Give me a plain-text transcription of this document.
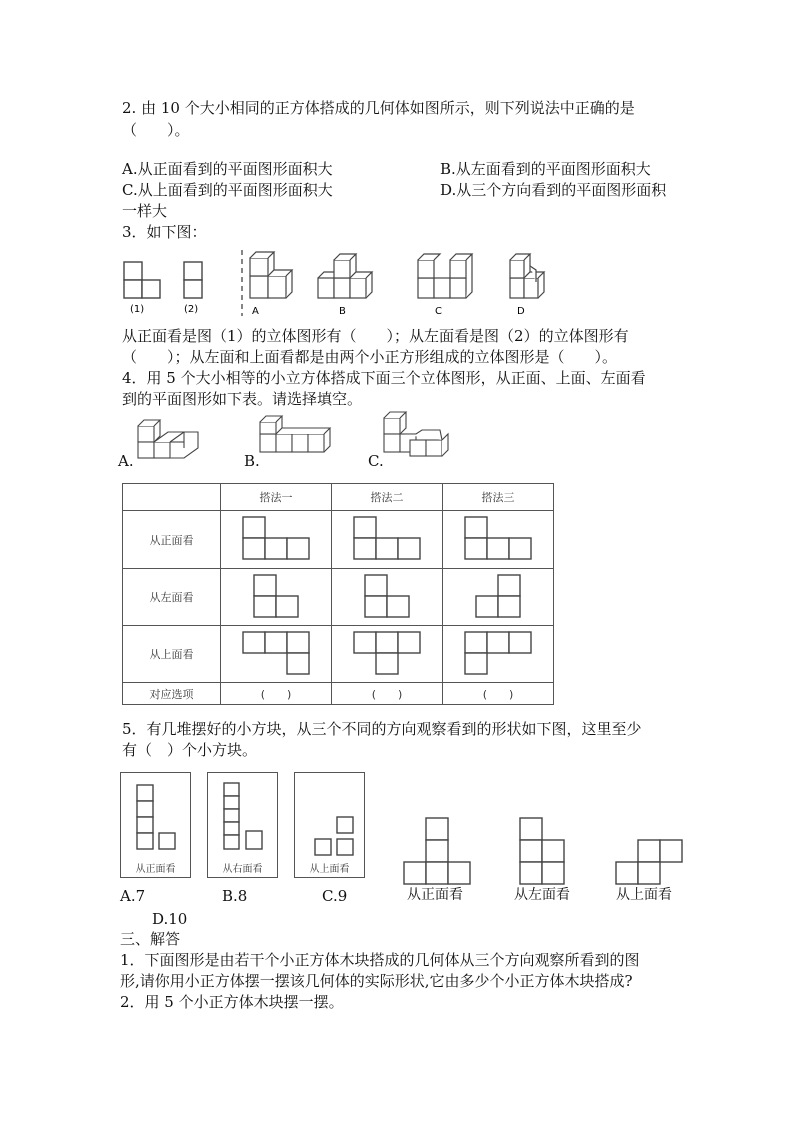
2. 由 10 个大小相同的正方体搭成的几何体如图所示，则下列说法中正确的是
（　　）。
A.从正面看到的平面图形面积大	B.从左面看到的平面图形面积大
C.从上面看到的平面图形面积大	D.从三个方向看到的平面图形面积
一样大
3．如下图：
(1)	(2)	A	B	C	D
从正面看是图（1）的立体图形有（　　）；从左面看是图（2）的立体图形有
（　　）；从左面和上面看都是由两个小正方形组成的立体图形是（　　）。
4．用 5 个大小相等的小立方体搭成下面三个立体图形，从正面、上面、左面看
到的平面图形如下表。请选择填空。
A.	B.	C.
	搭法一	搭法二	搭法三
从正面看			
从左面看			
从上面看			
对应选项	(　　)	(　　)	(　　)
5．有几堆摆好的小方块，从三个不同的方向观察看到的形状如下图，这里至少
有（　）个小方块。
从正面看	从右面看	从上面看
从正面看	从左面看	从上面看
A.7	B.8	C.9
D.10
三、解答
1．下面图形是由若干个小正方体木块搭成的几何体从三个方向观察所看到的图
形,请你用小正方体摆一摆该几何体的实际形状,它由多少个小正方体木块搭成?
2．用 5 个小正方体木块摆一摆。
